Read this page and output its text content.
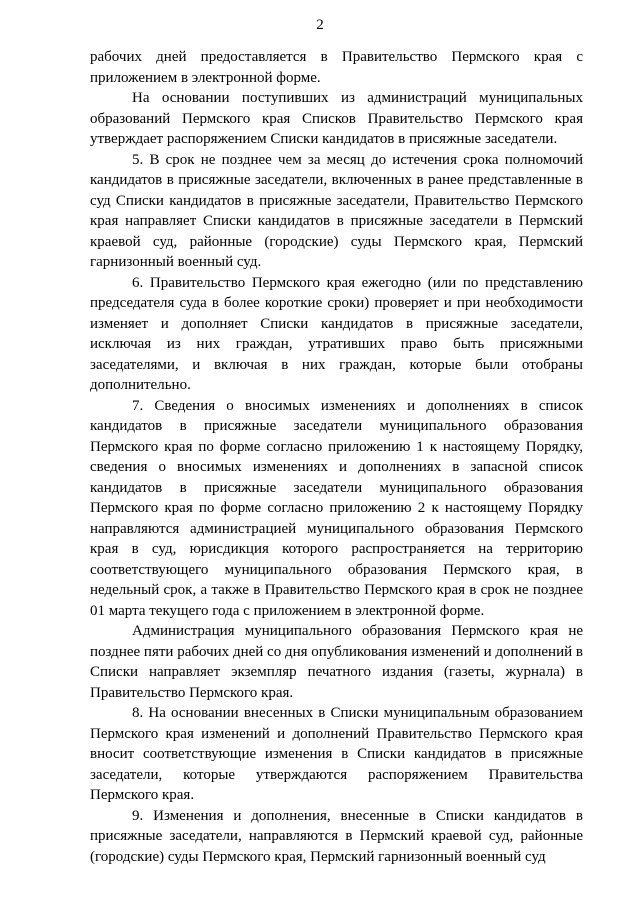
2

рабочих дней предоставляется в Правительство Пермского края с приложением в электронной форме.

На основании поступивших из администраций муниципальных образований Пермского края Списков Правительство Пермского края утверждает распоряжением Списки кандидатов в присяжные заседатели.

5. В срок не позднее чем за месяц до истечения срока полномочий кандидатов в присяжные заседатели, включенных в ранее представленные в суд Списки кандидатов в присяжные заседатели, Правительство Пермского края направляет Списки кандидатов в присяжные заседатели в Пермский краевой суд, районные (городские) суды Пермского края, Пермский гарнизонный военный суд.

6. Правительство Пермского края ежегодно (или по представлению председателя суда в более короткие сроки) проверяет и при необходимости изменяет и дополняет Списки кандидатов в присяжные заседатели, исключая из них граждан, утративших право быть присяжными заседателями, и включая в них граждан, которые были отобраны дополнительно.

7. Сведения о вносимых изменениях и дополнениях в список кандидатов в присяжные заседатели муниципального образования Пермского края по форме согласно приложению 1 к настоящему Порядку, сведения о вносимых изменениях и дополнениях в запасной список кандидатов в присяжные заседатели муниципального образования Пермского края по форме согласно приложению 2 к настоящему Порядку направляются администрацией муниципального образования Пермского края в суд, юрисдикция которого распространяется на территорию соответствующего муниципального образования Пермского края, в недельный срок, а также в Правительство Пермского края в срок не позднее 01 марта текущего года с приложением в электронной форме.

Администрация муниципального образования Пермского края не позднее пяти рабочих дней со дня опубликования изменений и дополнений в Списки направляет экземпляр печатного издания (газеты, журнала) в Правительство Пермского края.

8. На основании внесенных в Списки муниципальным образованием Пермского края изменений и дополнений Правительство Пермского края вносит соответствующие изменения в Списки кандидатов в присяжные заседатели, которые утверждаются распоряжением Правительства Пермского края.

9. Изменения и дополнения, внесенные в Списки кандидатов в присяжные заседатели, направляются в Пермский краевой суд, районные (городские) суды Пермского края, Пермский гарнизонный военный суд
